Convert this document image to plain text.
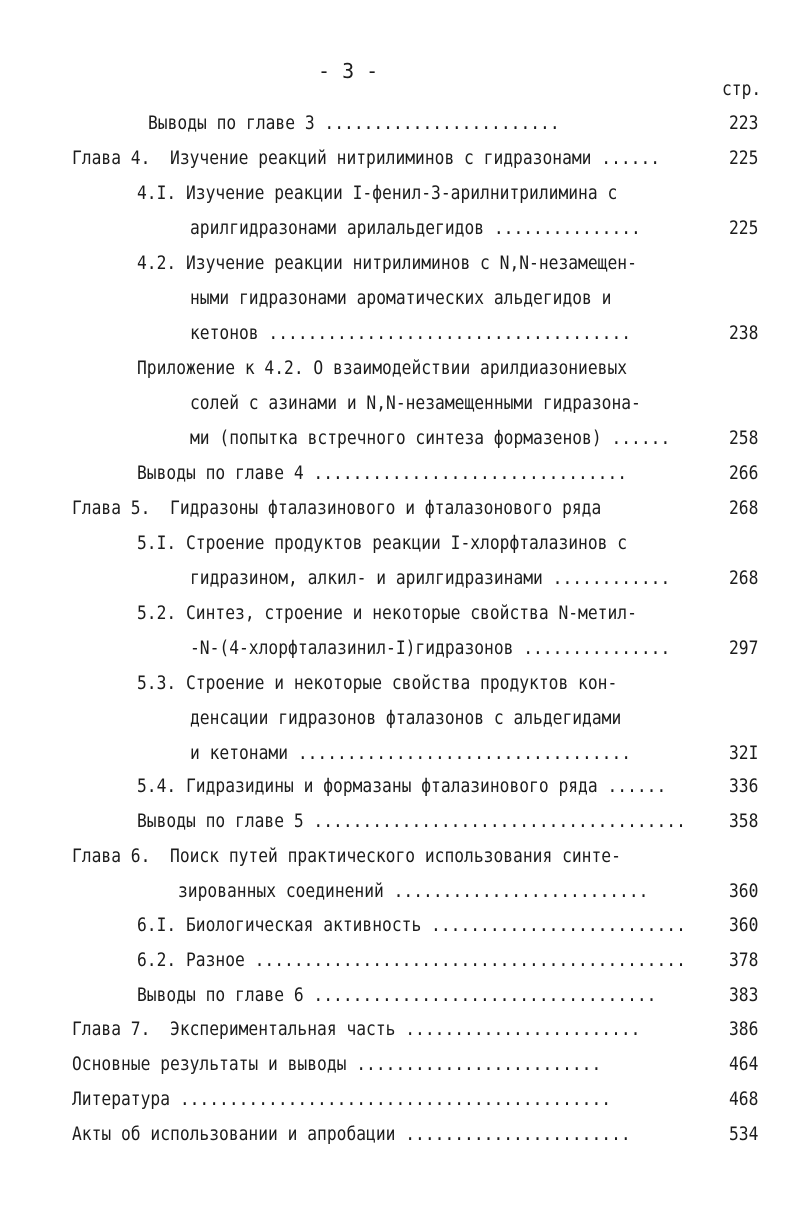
- 3 -
стр.
Выводы по главе 3 ........................	223
Глава 4.  Изучение реакций нитрилиминов с гидразонами ......	225
4.I. Изучение реакции I-фенил-3-арилнитрилимина с
арилгидразонами арилальдегидов ...............	225
4.2. Изучение реакции нитрилиминов с N,N-незамещен-
ными гидразонами ароматических альдегидов и
кетонов .....................................	238
Приложение к 4.2. О взаимодействии арилдиазониевых
солей с азинами и N,N-незамещенными гидразона-
ми (попытка встречного синтеза формазенов) ......	258
Выводы по главе 4 ................................	266
Глава 5.  Гидразоны фталазинового и фталазонового ряда	268
5.I. Строение продуктов реакции I-хлорфталазинов с
гидразином, алкил- и арилгидразинами ............	268
5.2. Синтез, строение и некоторые свойства N-метил-
-N-(4-хлорфталазинил-I)гидразонов ...............	297
5.3. Строение и некоторые свойства продуктов кон-
денсации гидразонов фталазонов с альдегидами
и кетонами ..................................	32I
5.4. Гидразидины и формазаны фталазинового ряда ......	336
Выводы по главе 5 ...................................... 358
Глава 6.  Поиск путей практического использования синте-
зированных соединений ..........................	360
6.I. Биологическая активность .......................... 360
6.2. Разное ............................................ 378
Выводы по главе 6 ...................................	383
Глава 7.  Экспериментальная часть ........................	386
Основные результаты и выводы .........................	464
Литература ............................................	468
Акты об использовании и апробации .......................	534
